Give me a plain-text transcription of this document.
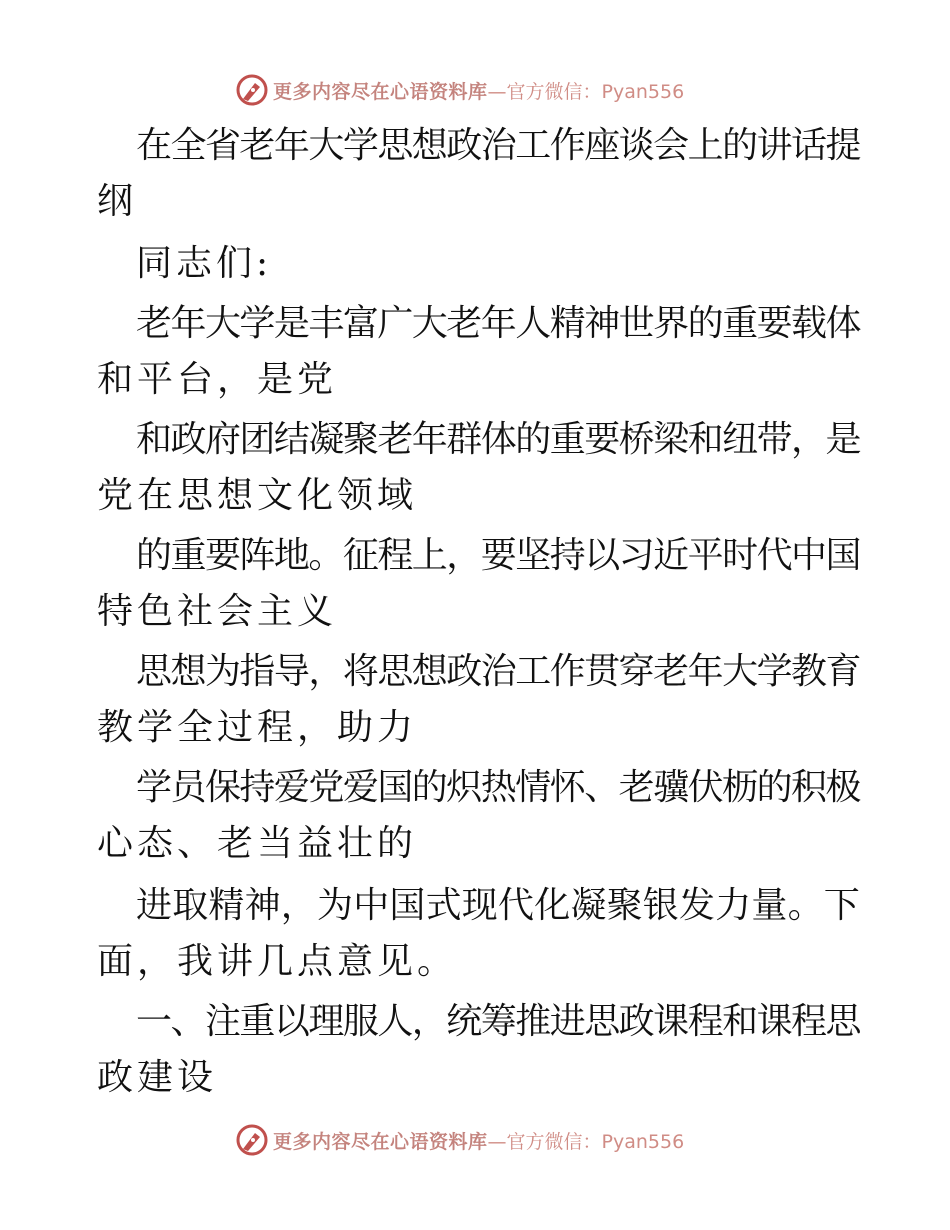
更多内容尽在心语资料库 —官方微信：Pyan556
在全省老年大学思想政治工作座谈会上的讲话提
纲
同志们:
老年大学是丰富广大老年人精神世界的重要载体
和平台，是党
和政府团结凝聚老年群体的重要桥梁和纽带，是
党在思想文化领域
的重要阵地。征程上，要坚持以习近平时代中国
特色社会主义
思想为指导，将思想政治工作贯穿老年大学教育
教学全过程，助力
学员保持爱党爱国的炽热情怀、老骥伏枥的积极
心态、老当益壮的
进取精神，为中国式现代化凝聚银发力量。下
面，我讲几点意见。
一、注重以理服人，统筹推进思政课程和课程思
政建设
更多内容尽在心语资料库 —官方微信：Pyan556
